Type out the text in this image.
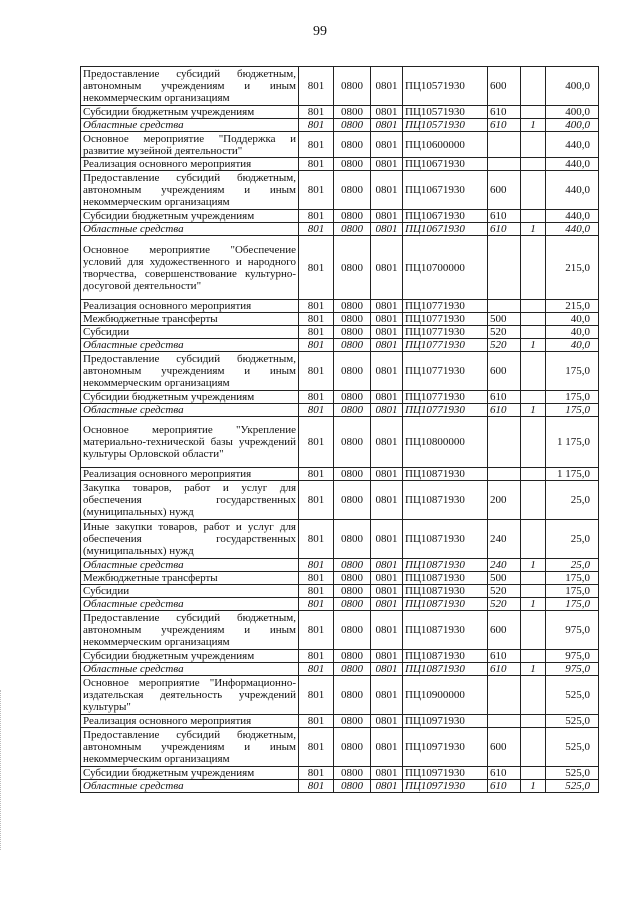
99
Предоставление субсидий бюджетным, автономным учреждениям и иным некоммерческим организациям	801	0800	0801	ПЦ10571930	600		400,0
Субсидии бюджетным учреждениям	801	0800	0801	ПЦ10571930	610		400,0
Областные средства	801	0800	0801	ПЦ10571930	610	1	400,0
Основное мероприятие "Поддержка и развитие музейной деятельности"	801	0800	0801	ПЦ10600000			440,0
Реализация основного мероприятия	801	0800	0801	ПЦ10671930			440,0
Предоставление субсидий бюджетным, автономным учреждениям и иным некоммерческим организациям	801	0800	0801	ПЦ10671930	600		440,0
Субсидии бюджетным учреждениям	801	0800	0801	ПЦ10671930	610		440,0
Областные средства	801	0800	0801	ПЦ10671930	610	1	440,0
Основное мероприятие "Обеспечение условий для художественного и народного творчества, совершенствование культурно-досуговой деятельности"	801	0800	0801	ПЦ10700000			215,0
Реализация основного мероприятия	801	0800	0801	ПЦ10771930			215,0
Межбюджетные трансферты	801	0800	0801	ПЦ10771930	500		40,0
Субсидии	801	0800	0801	ПЦ10771930	520		40,0
Областные средства	801	0800	0801	ПЦ10771930	520	1	40,0
Предоставление субсидий бюджетным, автономным учреждениям и иным некоммерческим организациям	801	0800	0801	ПЦ10771930	600		175,0
Субсидии бюджетным учреждениям	801	0800	0801	ПЦ10771930	610		175,0
Областные средства	801	0800	0801	ПЦ10771930	610	1	175,0
Основное мероприятие "Укрепление материально-технической базы учреждений культуры Орловской области"	801	0800	0801	ПЦ10800000			1 175,0
Реализация основного мероприятия	801	0800	0801	ПЦ10871930			1 175,0
Закупка товаров, работ и услуг для обеспечения государственных (муниципальных) нужд	801	0800	0801	ПЦ10871930	200		25,0
Иные закупки товаров, работ и услуг для обеспечения государственных (муниципальных) нужд	801	0800	0801	ПЦ10871930	240		25,0
Областные средства	801	0800	0801	ПЦ10871930	240	1	25,0
Межбюджетные трансферты	801	0800	0801	ПЦ10871930	500		175,0
Субсидии	801	0800	0801	ПЦ10871930	520		175,0
Областные средства	801	0800	0801	ПЦ10871930	520	1	175,0
Предоставление субсидий бюджетным, автономным учреждениям и иным некоммерческим организациям	801	0800	0801	ПЦ10871930	600		975,0
Субсидии бюджетным учреждениям	801	0800	0801	ПЦ10871930	610		975,0
Областные средства	801	0800	0801	ПЦ10871930	610	1	975,0
Основное мероприятие "Информационно-издательская деятельность учреждений культуры"	801	0800	0801	ПЦ10900000			525,0
Реализация основного мероприятия	801	0800	0801	ПЦ10971930			525,0
Предоставление субсидий бюджетным, автономным учреждениям и иным некоммерческим организациям	801	0800	0801	ПЦ10971930	600		525,0
Субсидии бюджетным учреждениям	801	0800	0801	ПЦ10971930	610		525,0
Областные средства	801	0800	0801	ПЦ10971930	610	1	525,0
